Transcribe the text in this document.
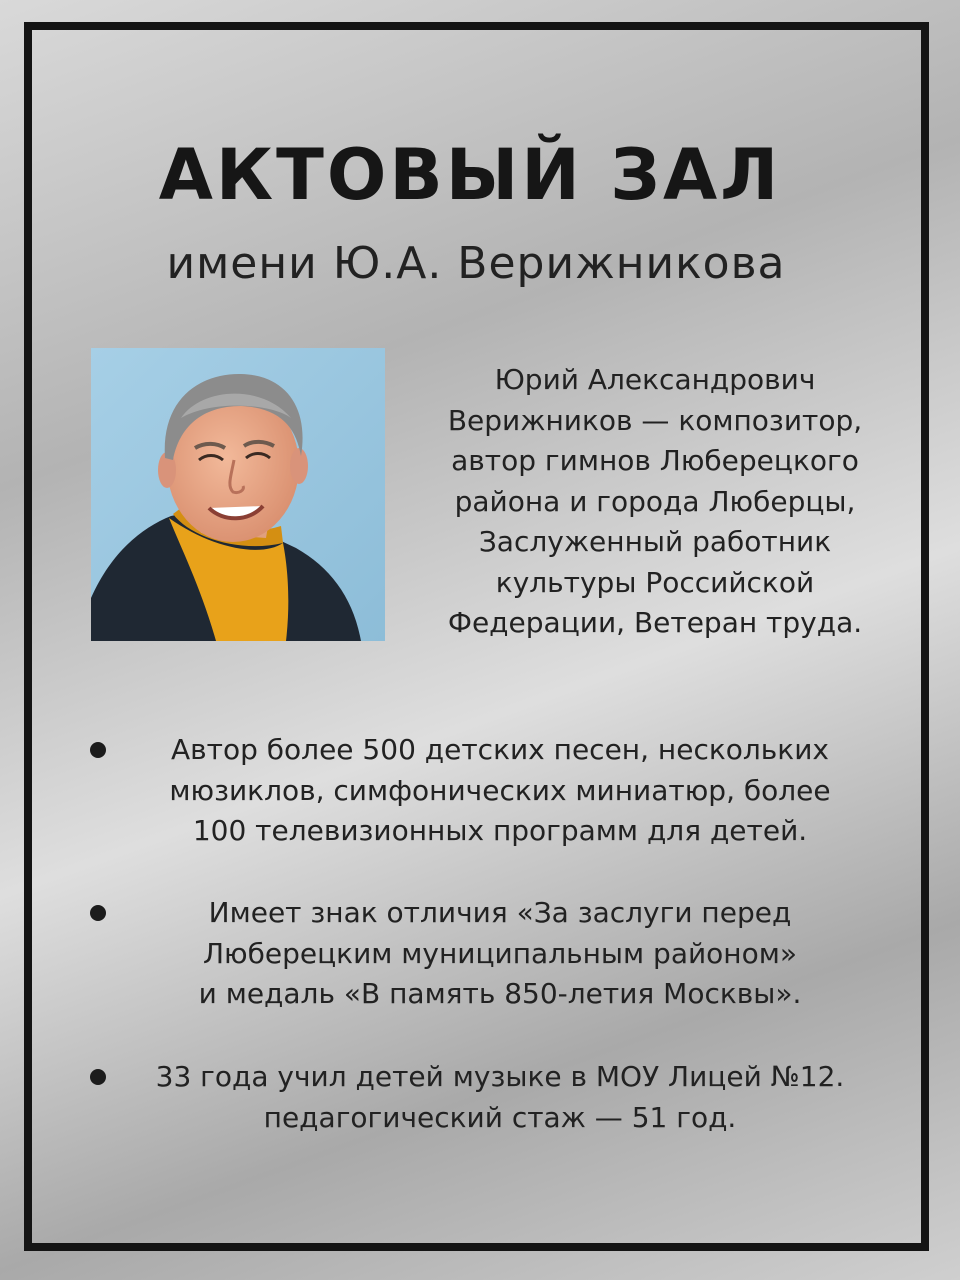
АКТОВЫЙ ЗАЛ
имени Ю.А. Верижникова
Юрий Александрович
Верижников — композитор,
автор гимнов Люберецкого
района и города Люберцы,
Заслуженный работник
культуры Российской
Федерации, Ветеран труда.
Автор более 500 детских песен, нескольких
мюзиклов, симфонических миниатюр, более
100 телевизионных программ для детей.
Имеет знак отличия «За заслуги перед
Люберецким муниципальным районом»
и медаль «В память 850-летия Москвы».
33 года учил детей музыке в МОУ Лицей №12.
педагогический стаж — 51 год.
